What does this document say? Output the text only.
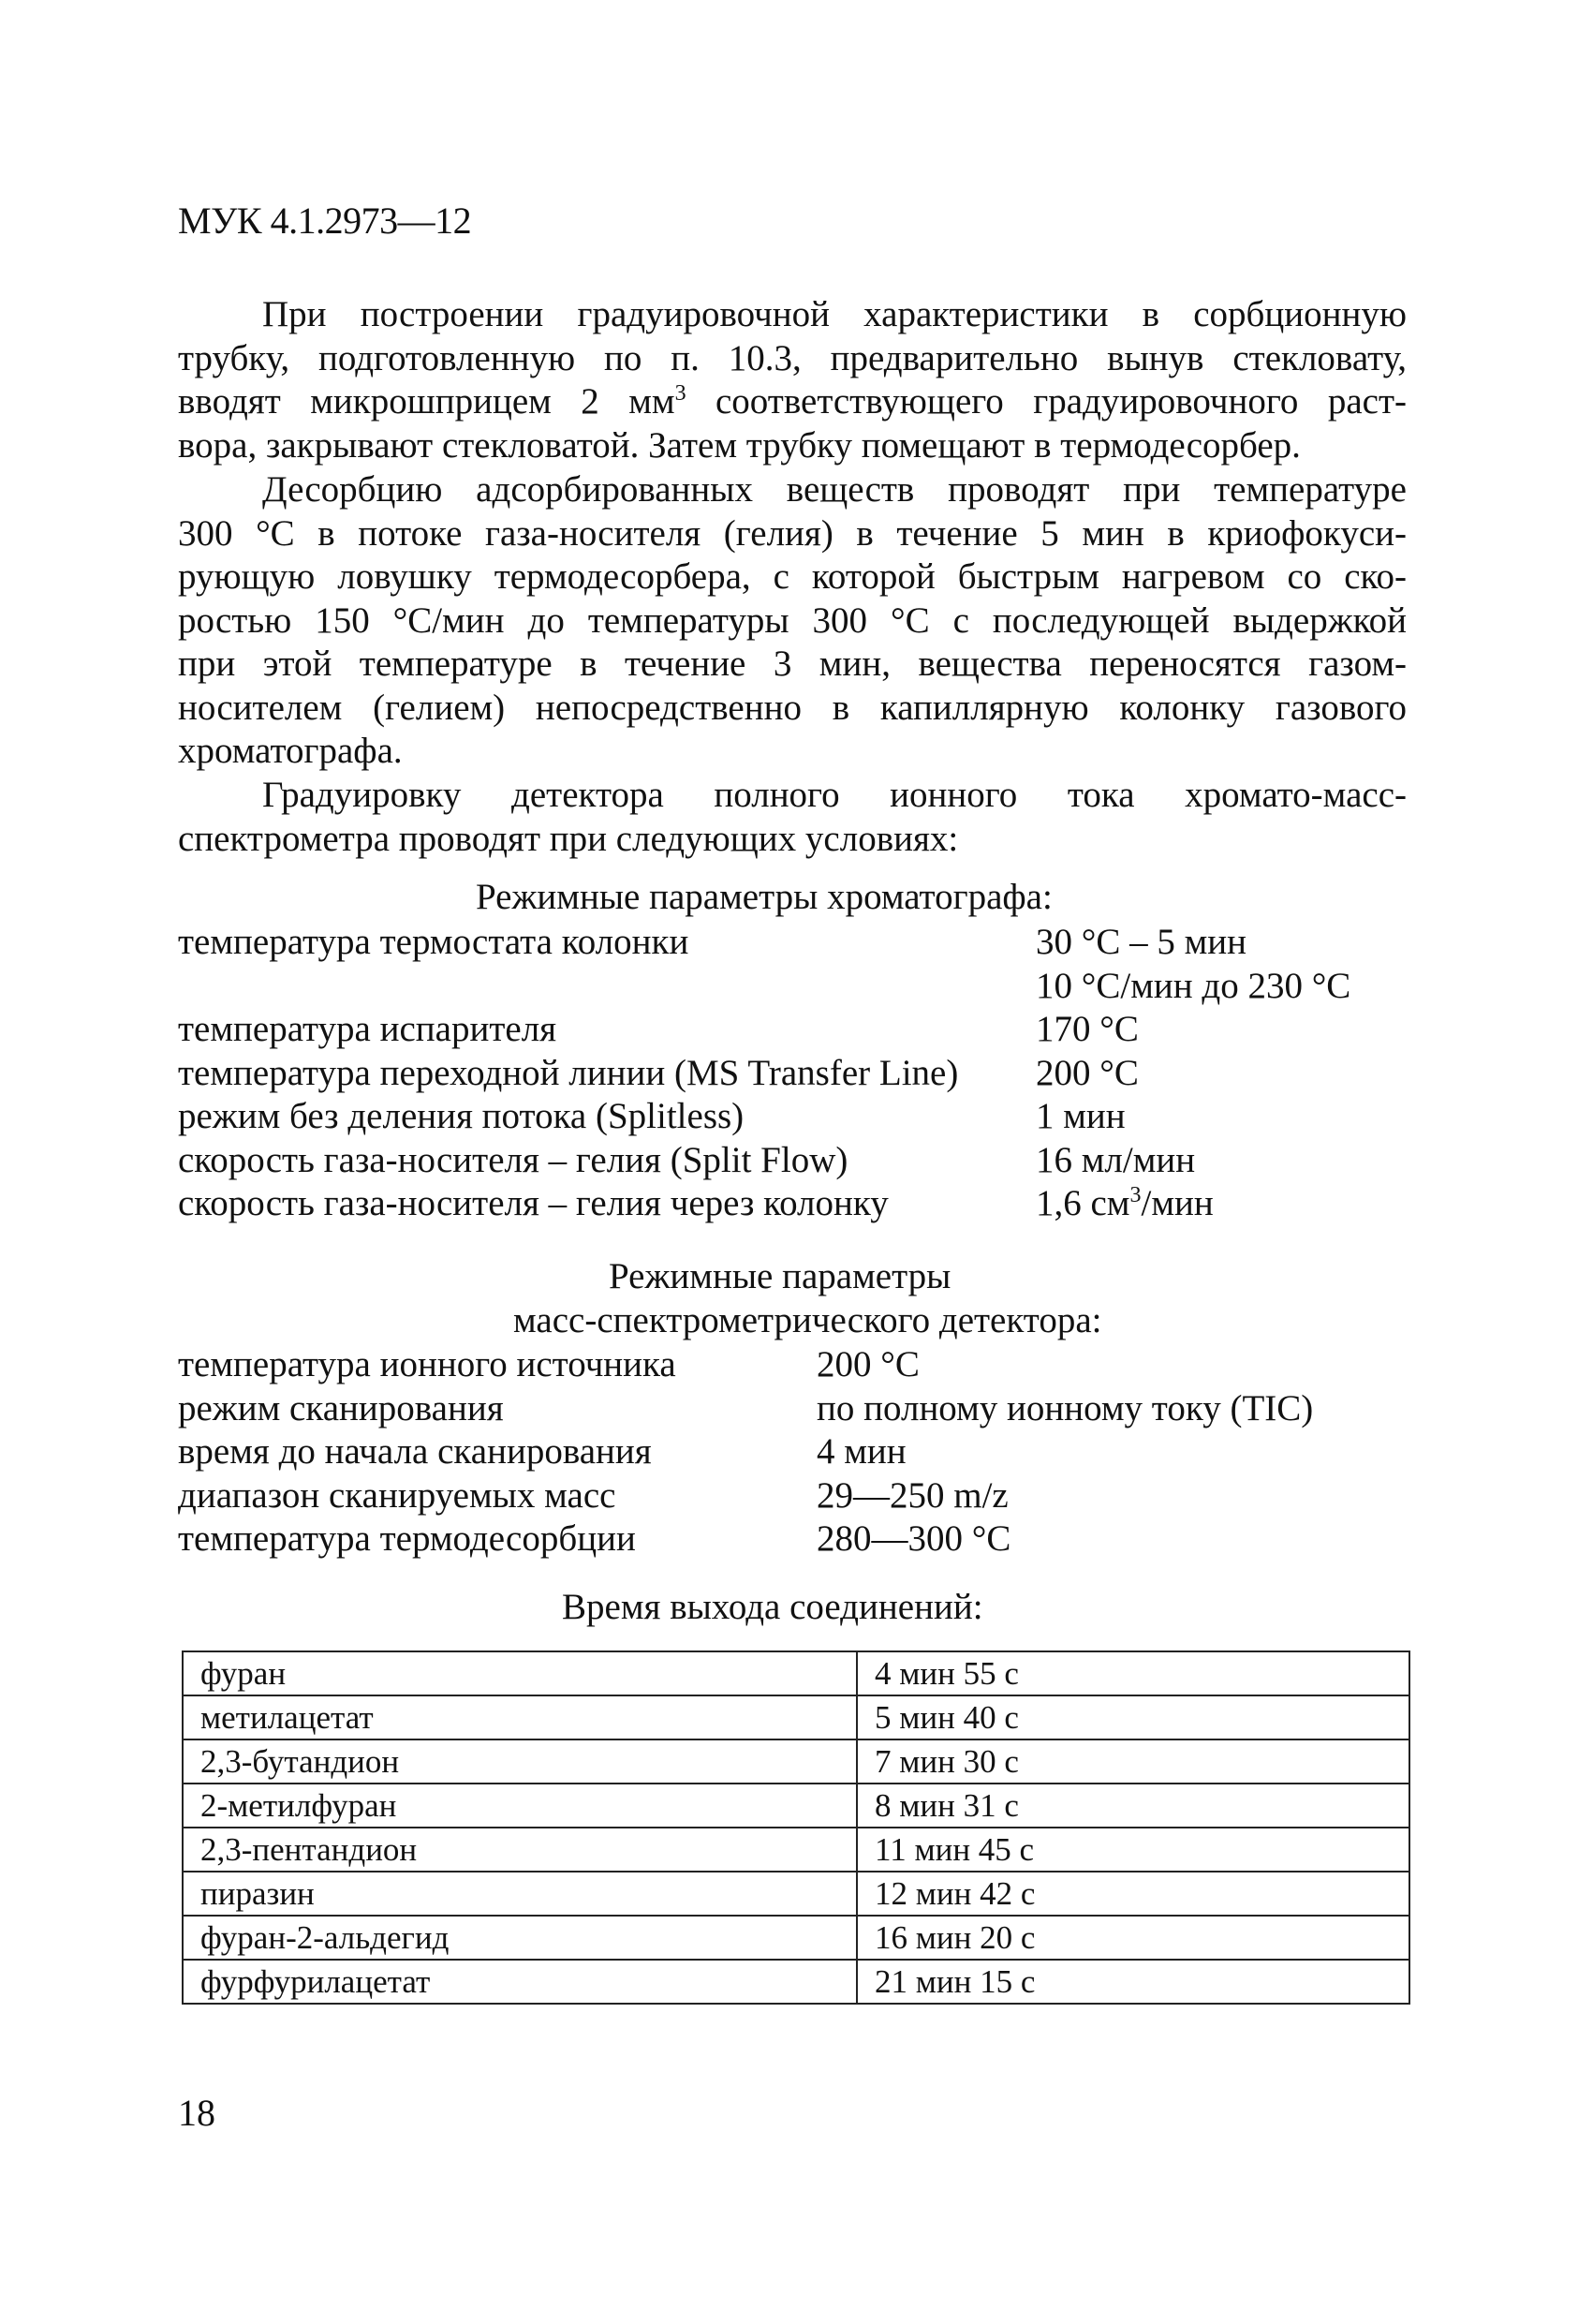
МУК 4.1.2973—12
При построении градуировочной характеристики в сорбционную
трубку, подготовленную по п. 10.3, предварительно вынув стекловату,
вводят микрошприцем 2 $мм^3$ соответствующего градуировочного раст-
вора, закрывают стекловатой. Затем трубку помещают в термодесорбер.
Десорбцию адсорбированных веществ проводят при температуре
300 °С в потоке газа-носителя (гелия) в течение 5 мин в криофокуси-
рующую ловушку термодесорбера, с которой быстрым нагревом со ско-
ростью 150 °С/мин до температуры 300 °С с последующей выдержкой
при этой температуре в течение 3 мин, вещества переносятся газом-
носителем (гелием) непосредственно в капиллярную колонку газового
хроматографа.
Градуировку детектора полного ионного тока хромато-масс-
спектрометра проводят при следующих условиях:
Режимные параметры хроматографа:
температура термостата колонки	30 °С – 5 мин
10 °С/мин до 230 °С
температура испарителя	170 °С
температура переходной линии (MS Transfer Line) 200 °С
режим без деления потока (Splitless)	1 мин
скорость газа-носителя – гелия (Split Flow)	16 мл/мин
скорость газа-носителя – гелия через колонку	1,6 $см^3$/мин
Режимные параметры
масс-спектрометрического детектора:
температура ионного источника	200 °С
режим сканирования	по полному ионному току (TIC)
время до начала сканирования	4 мин
диапазон сканируемых масс	29—250 m/z
температура термодесорбции	280—300 °С
Время выхода соединений:
фуран	4 мин 55 с
метилацетат	5 мин 40 с
2,3-бутандион	7 мин 30 с
2-метилфуран	8 мин 31 с
2,3-пентандион	11 мин 45 с
пиразин	12 мин 42 с
фуран-2-альдегид	16 мин 20 с
фурфурилацетат	21 мин 15 с
18
